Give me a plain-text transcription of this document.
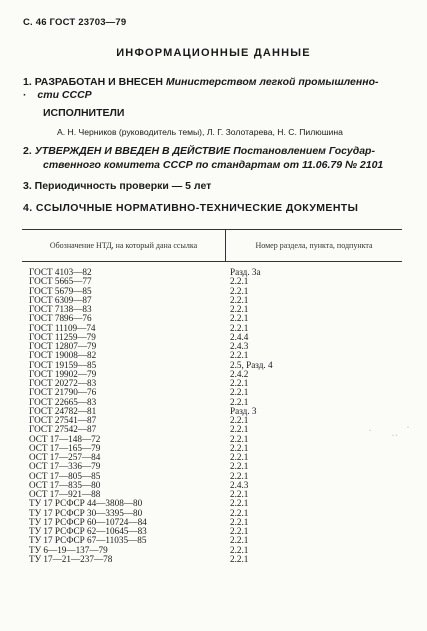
С. 46 ГОСТ 23703—79
ИНФОРМАЦИОННЫЕ ДАННЫЕ
1. РАЗРАБОТАН И ВНЕСЕН Министерством легкой промышленно-
· сти СССР
ИСПОЛНИТЕЛИ
А. Н. Черников (руководитель темы), Л. Г. Золотарева, Н. С. Пилюшина
2. УТВЕРЖДЕН И ВВЕДЕН В ДЕЙСТВИЕ Постановлением Государ-
ственного комитета СССР по стандартам от 11.06.79 № 2101
3. Периодичность проверки — 5 лет
4. ССЫЛОЧНЫЕ НОРМАТИВНО-ТЕХНИЧЕСКИЕ ДОКУМЕНТЫ
Обозначение НТД, на который дана ссылка	Номер раздела, пункта, подпункта
ГОСТ 4103—82	Разд. 3а
ГОСТ 5665—77	2.2.1
ГОСТ 5679—85	2.2.1
ГОСТ 6309—87	2.2.1
ГОСТ 7138—83	2.2.1
ГОСТ 7896—76	2.2.1
ГОСТ 11109—74	2.2.1
ГОСТ 11259—79	2.4.4
ГОСТ 12807—79	2.4.3
ГОСТ 19008—82	2.2.1
ГОСТ 19159—85	2.5, Разд. 4
ГОСТ 19902—79	2.4.2
ГОСТ 20272—83	2.2.1
ГОСТ 21790—76	2.2.1
ГОСТ 22665—83	2.2.1
ГОСТ 24782—81	Разд. 3
ГОСТ 27541—87	2.2.1
ГОСТ 27542—87	2.2.1
ОСТ 17—148—72	2.2.1
ОСТ 17—165—79	2.2.1
ОСТ 17—257—84	2.2.1
ОСТ 17—336—79	2.2.1
ОСТ 17—805—85	2.2.1
ОСТ 17—835—80	2.4.3
ОСТ 17—921—88	2.2.1
ТУ 17 РСФСР 44—3808—80	2.2.1
ТУ 17 РСФСР 30—3395—80	2.2.1
ТУ 17 РСФСР 60—10724—84	2.2.1
ТУ 17 РСФСР 62—10645—83	2.2.1
ТУ 17 РСФСР 67—11035—85	2.2.1
ТУ 6—19—137—79	2.2.1
ТУ 17—21—237—78	2.2.1
·
· ·
·
